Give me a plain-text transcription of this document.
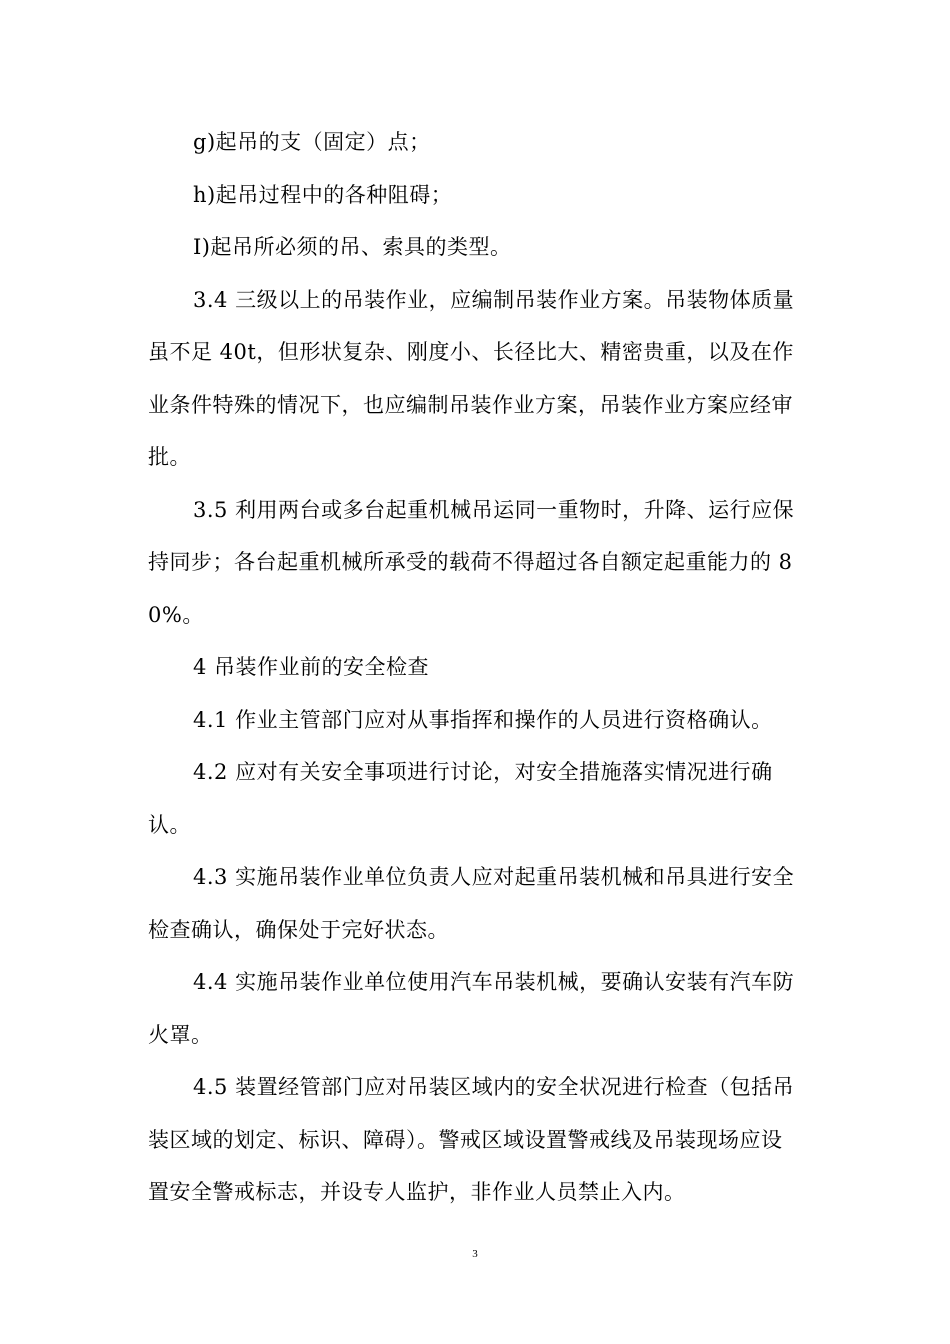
g)起吊的支（固定）点；

h)起吊过程中的各种阻碍；

I)起吊所必须的吊、索具的类型。

3.4 三级以上的吊装作业，应编制吊装作业方案。吊装物体质量虽不足 40t，但形状复杂、刚度小、长径比大、精密贵重，以及在作业条件特殊的情况下，也应编制吊装作业方案，吊装作业方案应经审批。

3.5 利用两台或多台起重机械吊运同一重物时，升降、运行应保持同步；各台起重机械所承受的载荷不得超过各自额定起重能力的 80%。

4 吊装作业前的安全检查

4.1 作业主管部门应对从事指挥和操作的人员进行资格确认。

4.2 应对有关安全事项进行讨论，对安全措施落实情况进行确认。

4.3 实施吊装作业单位负责人应对起重吊装机械和吊具进行安全检查确认，确保处于完好状态。

4.4 实施吊装作业单位使用汽车吊装机械，要确认安装有汽车防火罩。

4.5 装置经管部门应对吊装区域内的安全状况进行检查（包括吊装区域的划定、标识、障碍）。警戒区域设置警戒线及吊装现场应设置安全警戒标志，并设专人监护，非作业人员禁止入内。

3
